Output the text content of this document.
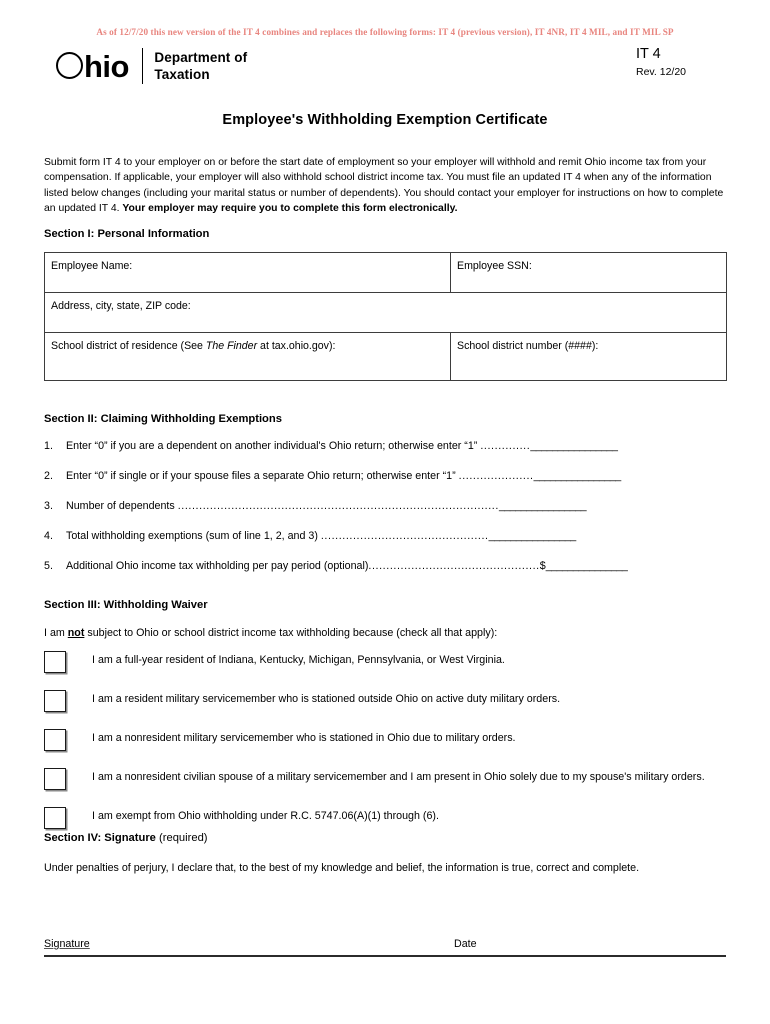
As of 12/7/20 this new version of the IT 4 combines and replaces the following forms: IT 4 (previous version), IT 4NR, IT 4 MIL, and IT MIL SP
hio Department of
Taxation
IT 4
Rev. 12/20
Employee's Withholding Exemption Certificate
Submit form IT 4 to your employer on or before the start date of employment so your employer will withhold and remit Ohio income tax from your compensation. If applicable, your employer will also withhold school district income tax. You must file an updated IT 4 when any of the information listed below changes (including your marital status or number of dependents). You should contact your employer for instructions on how to complete an updated IT 4. Your employer may require you to complete this form electronically.
Section I: Personal Information
Employee Name:	Employee SSN:
Address, city, state, ZIP code:	
School district of residence (See The Finder at tax.ohio.gov):	School district number (####):
Section II: Claiming Withholding Exemptions
1. Enter “0” if you are a dependent on another individual's Ohio return; otherwise enter “1” ..............________________
2. Enter “0” if single or if your spouse files a separate Ohio return; otherwise enter “1” .....................________________
3. Number of dependents ..........................................................................................________________
4. Total withholding exemptions (sum of line 1, 2, and 3) ...............................................________________
5. Additional Ohio income tax withholding per pay period (optional)................................................$_______________
Section III: Withholding Waiver
I am not subject to Ohio or school district income tax withholding because (check all that apply):
I am a full-year resident of Indiana, Kentucky, Michigan, Pennsylvania, or West Virginia.
I am a resident military servicemember who is stationed outside Ohio on active duty military orders.
I am a nonresident military servicemember who is stationed in Ohio due to military orders.
I am a nonresident civilian spouse of a military servicemember and I am present in Ohio solely due to my spouse's military orders.
I am exempt from Ohio withholding under R.C. 5747.06(A)(1) through (6).
Section IV: Signature (required)
Under penalties of perjury, I declare that, to the best of my knowledge and belief, the information is true, correct and complete.
Signature	Date
